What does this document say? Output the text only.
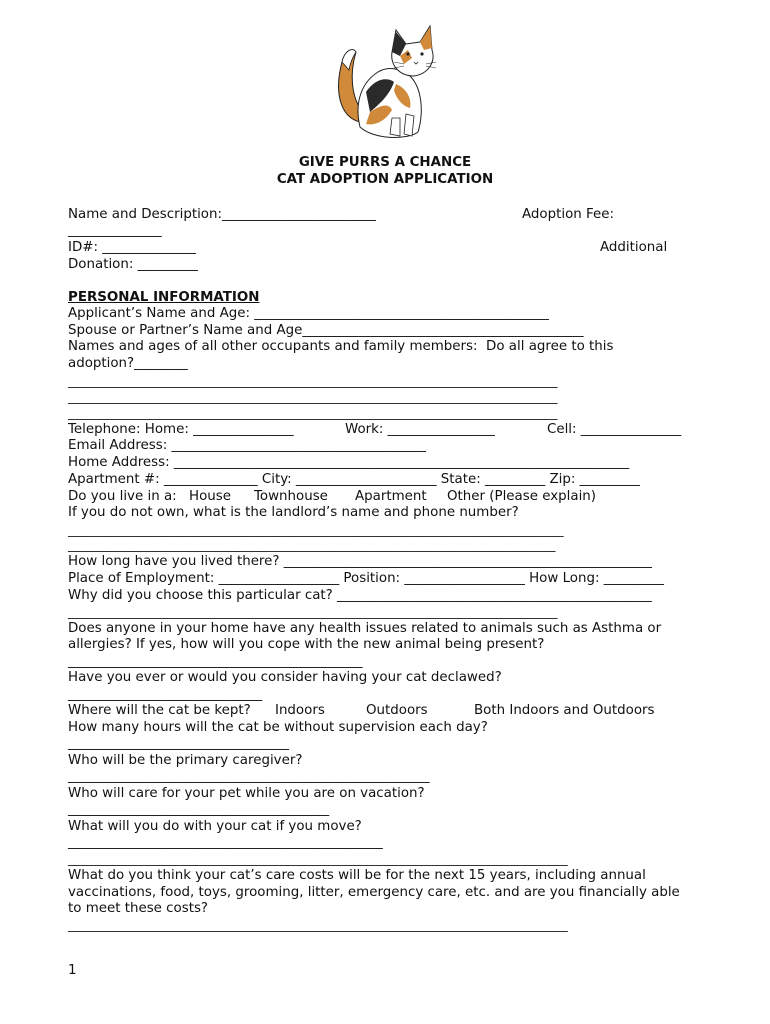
GIVE PURRS A CHANCE
CAT ADOPTION APPLICATION
Name and Description:_______________________	Adoption Fee:
______________
ID#: ______________	Additional
Donation: _________
PERSONAL INFORMATION
Applicant’s Name and Age: ____________________________________________
Spouse or Partner’s Name and Age__________________________________________
Names and ages of all other occupants and family members:  Do all agree to this
adoption?________
_______________________________________________________________________________
_______________________________________________________________________________
_______________________________________________________________________________
Telephone: Home: _______________	Work: ________________	Cell: _______________
Email Address: ______________________________________
Home Address: ____________________________________________________________________
Apartment #: ______________ City: _____________________ State: _________ Zip: _________
Do you live in a: House Townhouse Apartment Other (Please explain)
If you do not own, what is the landlord’s name and phone number?
________________________________________________________________________________
________________________________________________________________________________
How long have you lived there? _______________________________________________________
Place of Employment: __________________ Position: __________________ How Long: _________
Why did you choose this particular cat? _______________________________________________
_______________________________________________________________________________
Does anyone in your home have any health issues related to animals such as Asthma or
allergies? If yes, how will you cope with the new animal being present?
____________________________________________
Have you ever or would you consider having your cat declawed?
_____________________________
Where will the cat be kept? Indoors	Outdoors	Both Indoors and Outdoors
How many hours will the cat be without supervision each day?
_________________________________
Who will be the primary caregiver?
______________________________________________________
Who will care for your pet while you are on vacation?
_______________________________________
What will you do with your cat if you move?
_______________________________________________
__________________________________________________________________________________
What do you think your cat’s care costs will be for the next 15 years, including annual
vaccinations, food, toys, grooming, litter, emergency care, etc. and are you financially able
to meet these costs?
__________________________________________________________________________________
1
